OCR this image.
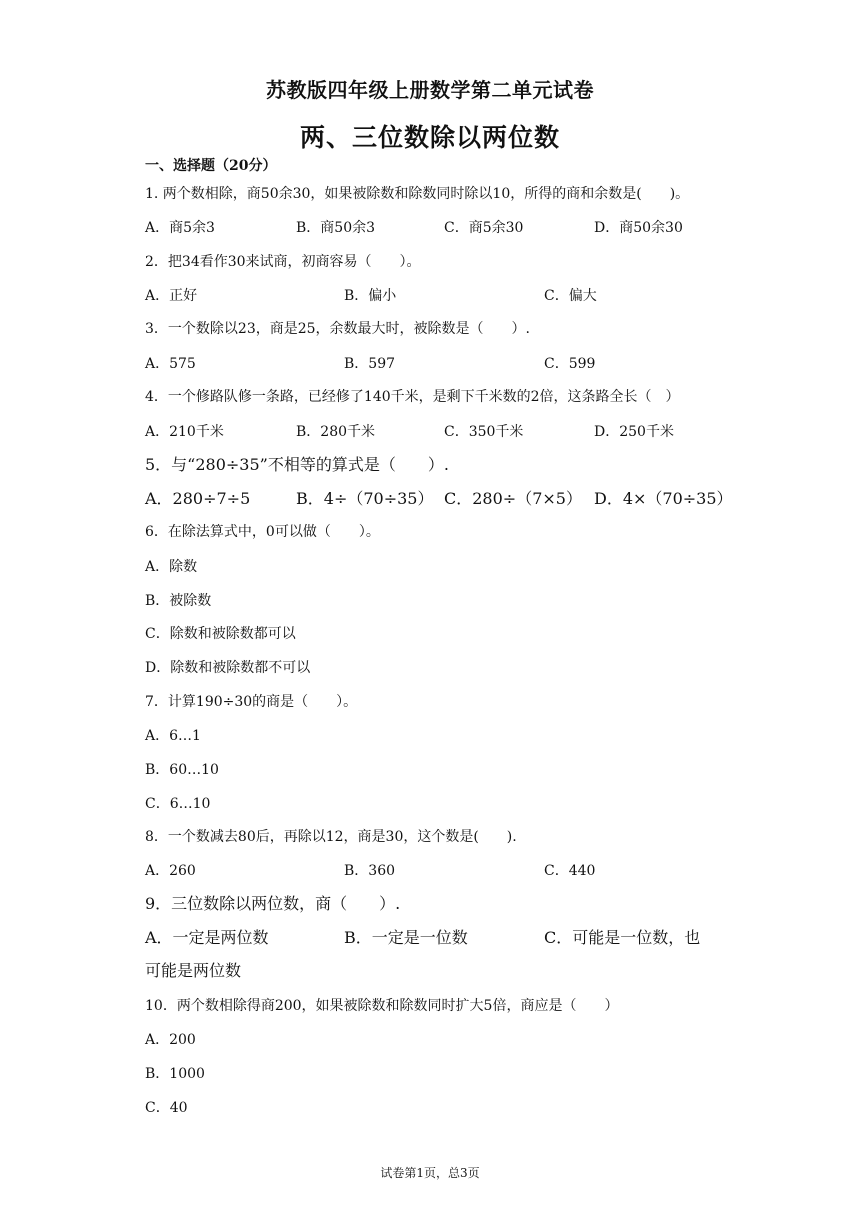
苏教版四年级上册数学第二单元试卷
两、三位数除以两位数
一、选择题（20分）
1. 两个数相除，商50余30，如果被除数和除数同时除以10，所得的商和余数是(　　)。
A．商5余3	B．商50余3	C．商5余30	D．商50余30
2．把34看作30来试商，初商容易（　　）。
A．正好	B．偏小	C．偏大
3．一个数除以23，商是25，余数最大时，被除数是（　　）.
A．575	B．597	C．599
4．一个修路队修一条路，已经修了140千米，是剩下千米数的2倍，这条路全长（　）
A．210千米	B．280千米	C．350千米	D．250千米
5．与“280÷35”不相等的算式是（　　）.
A．280÷7÷5	B．4÷（70÷35） C．280÷（7×5） D．4×（70÷35）
6．在除法算式中，0可以做（　　）。
A．除数
B．被除数
C．除数和被除数都可以
D．除数和被除数都不可以
7．计算190÷30的商是（　　）。
A．6…1
B．60…10
C．6…10
8．一个数减去80后，再除以12，商是30，这个数是(　　).
A．260	B．360	C．440
9．三位数除以两位数，商（　　）.
A．一定是两位数	B．一定是一位数	C．可能是一位数，也
可能是两位数
10．两个数相除得商200，如果被除数和除数同时扩大5倍，商应是（　　）
A．200
B．1000
C．40
试卷第1页，总3页
